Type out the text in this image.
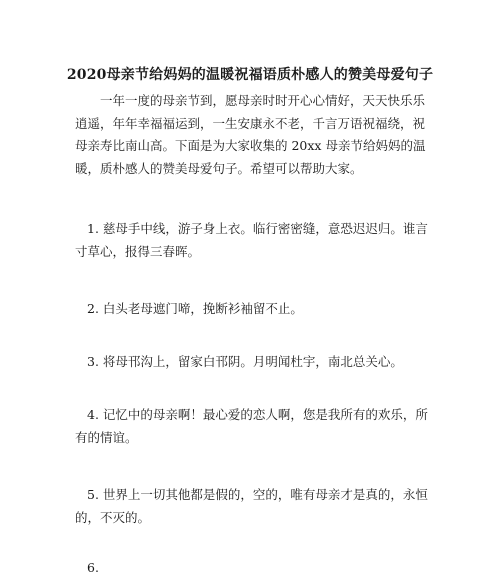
2020母亲节给妈妈的温暖祝福语质朴感人的赞美母爱句子

一年一度的母亲节到，愿母亲时时开心心情好，天天快乐乐逍遥，年年幸福福运到，一生安康永不老，千言万语祝福绕，祝母亲寿比南山高。下面是为大家收集的 20xx 母亲节给妈妈的温暖，质朴感人的赞美母爱句子。希望可以帮助大家。

1. 慈母手中线，游子身上衣。临行密密缝，意恐迟迟归。谁言寸草心，报得三春晖。

2. 白头老母遮门啼，挽断衫袖留不止。

3. 将母邗沟上，留家白邗阴。月明闻杜宇，南北总关心。

4. 记忆中的母亲啊！最心爱的恋人啊，您是我所有的欢乐，所有的情谊。

5. 世界上一切其他都是假的，空的，唯有母亲才是真的，永恒的，不灭的。

6.
